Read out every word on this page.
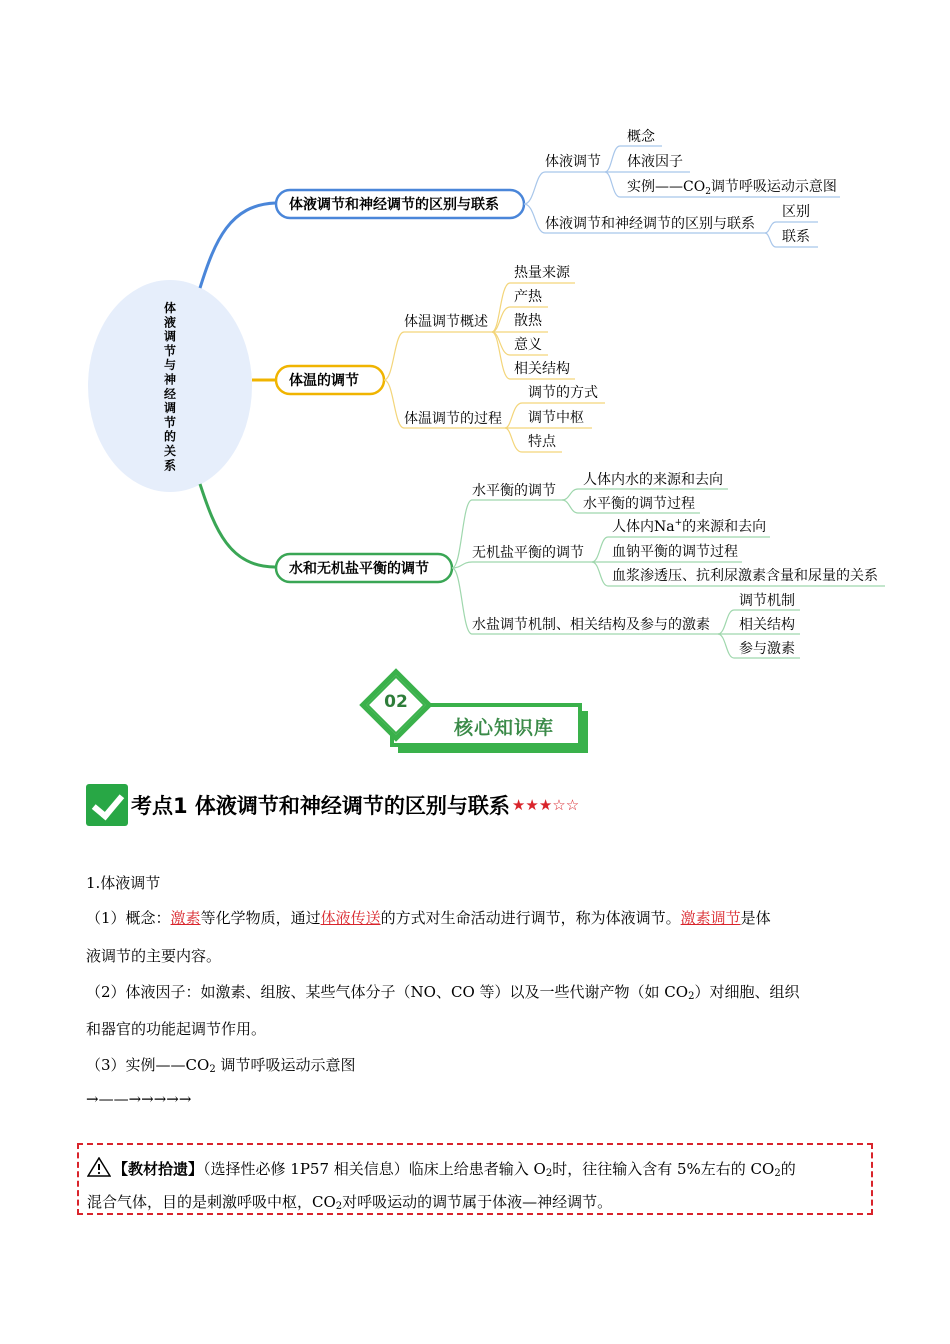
体
液
调
节
与
神
经
调
节
的
关
系
体液调节和神经调节的区别与联系
体温的调节
水和无机盐平衡的调节
体液调节
概念
体液因子
实例$——CO_2$调节呼吸运动示意图
体液调节和神经调节的区别与联系
区别
联系
体温调节概述
热量来源
产热
散热
意义
相关结构
体温调节的过程
调节的方式
调节中枢
特点
水平衡的调节
人体内水的来源和去向
水平衡的调节过程
无机盐平衡的调节
人体内Na+的来源和去向
血钠平衡的调节过程
血浆渗透压、抗利尿激素含量和尿量的关系
水盐调节机制、相关结构及参与的激素
调节机制
相关结构
参与激素
核心知识库
02
考点1 体液调节和神经调节的区别与联系 ★★★☆☆
1.体液调节
（1）概念：激素等化学物质，通过体液传送的方式对生命活动进行调节，称为体液调节。激素调节是体
液调节的主要内容。
（2）体液因子：如激素、组胺、某些气体分子（NO、CO 等）以及一些代谢产物（如 $CO_2$）对细胞、组织
和器官的功能起调节作用。
（3）实例$——CO_2$ 调节呼吸运动示意图
→——→→→→→
【教材拾遗】（选择性必修 1P57 相关信息）临床上给患者输入 $O_2$时，往往输入含有 5%左右的 $CO_2$的
混合气体，目的是刺激呼吸中枢，$CO_2$对呼吸运动的调节属于体液—神经调节。
